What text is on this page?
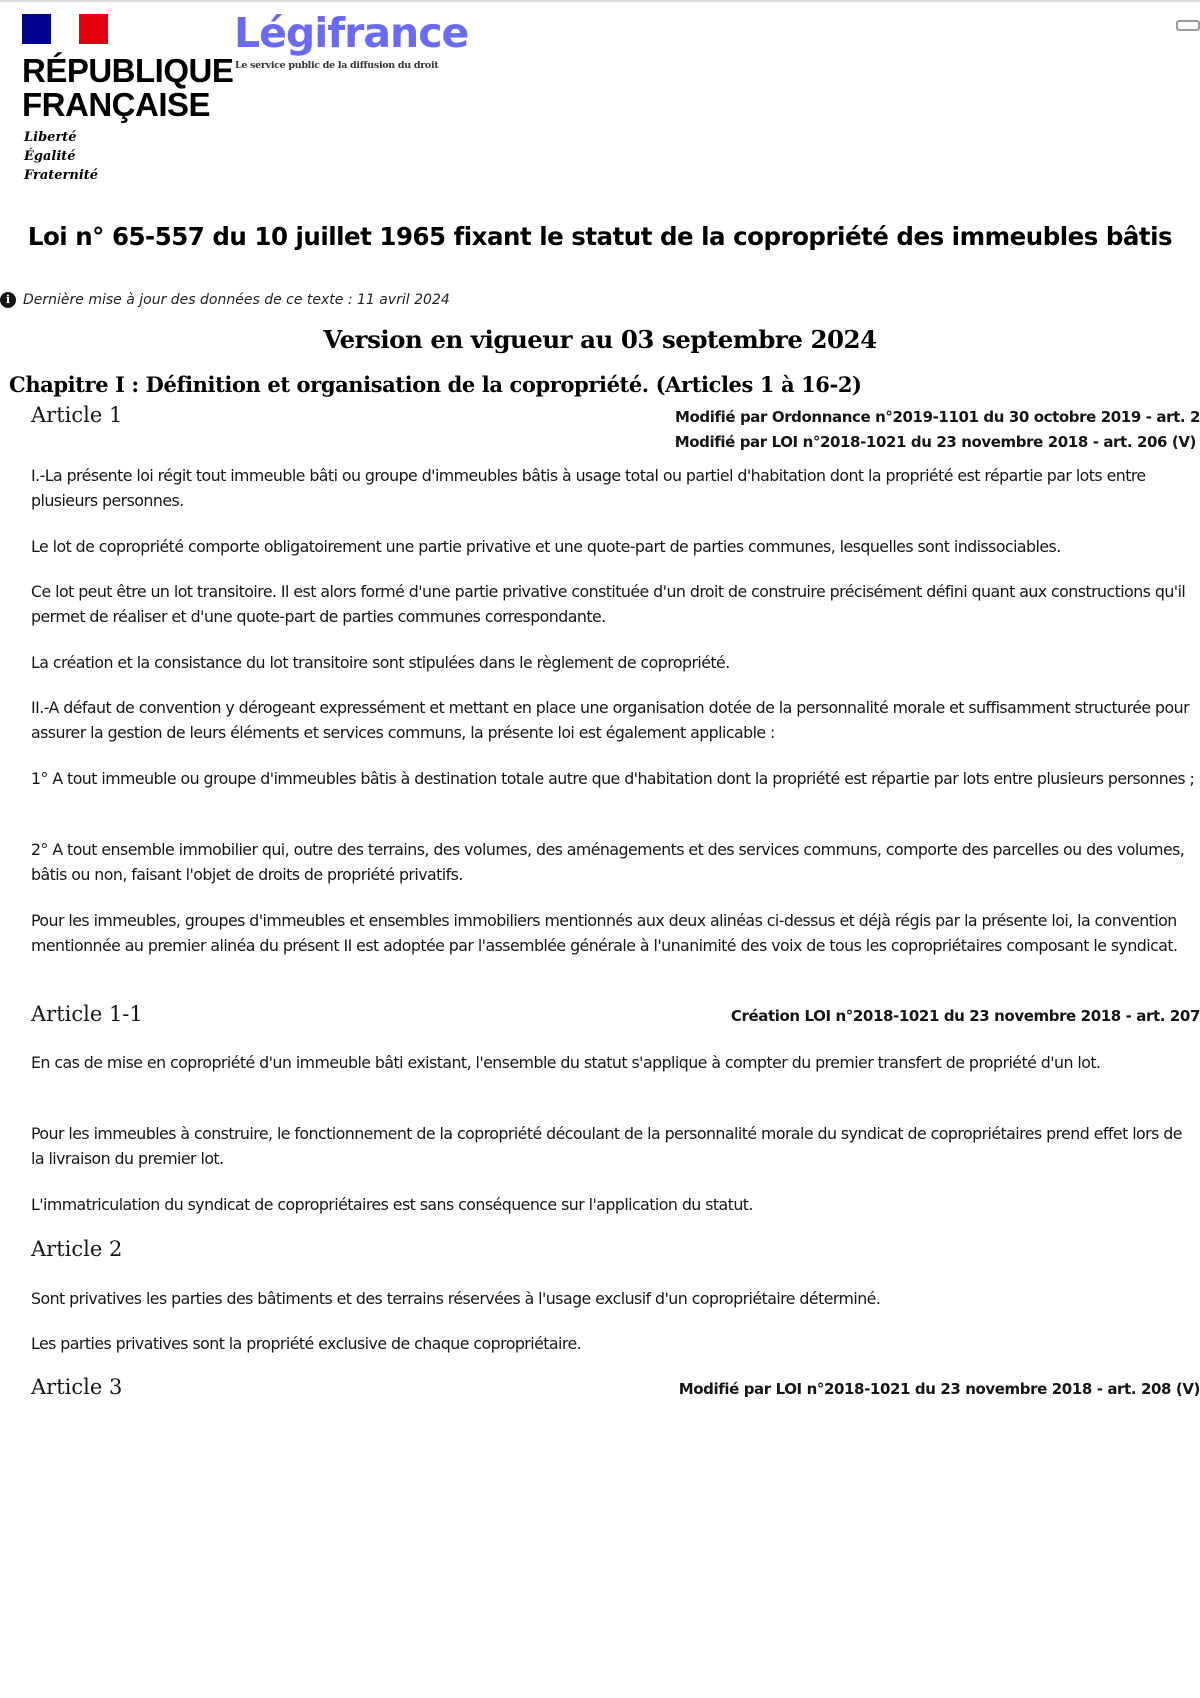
RÉPUBLIQUE
FRANÇAISE
Liberté
Égalité
Fraternité
Légifrance
Le service public de la diffusion du droit
Loi n° 65-557 du 10 juillet 1965 fixant le statut de la copropriété des immeubles bâtis
i Dernière mise à jour des données de ce texte : 11 avril 2024
Version en vigueur au 03 septembre 2024
Chapitre I : Définition et organisation de la copropriété. (Articles 1 à 16-2)
Article 1	Modifié par Ordonnance n°2019-1101 du 30 octobre 2019 - art. 2
Modifié par LOI n°2018-1021 du 23 novembre 2018 - art. 206 (V)

I.-La présente loi régit tout immeuble bâti ou groupe d'immeubles bâtis à usage total ou partiel d'habitation dont la propriété est répartie par lots entre plusieurs personnes.

Le lot de copropriété comporte obligatoirement une partie privative et une quote-part de parties communes, lesquelles sont indissociables.

Ce lot peut être un lot transitoire. Il est alors formé d'une partie privative constituée d'un droit de construire précisément défini quant aux constructions qu'il permet de réaliser et d'une quote-part de parties communes correspondante.

La création et la consistance du lot transitoire sont stipulées dans le règlement de copropriété.

II.-A défaut de convention y dérogeant expressément et mettant en place une organisation dotée de la personnalité morale et suffisamment structurée pour assurer la gestion de leurs éléments et services communs, la présente loi est également applicable :

1° A tout immeuble ou groupe d'immeubles bâtis à destination totale autre que d'habitation dont la propriété est répartie par lots entre plusieurs personnes ;

2° A tout ensemble immobilier qui, outre des terrains, des volumes, des aménagements et des services communs, comporte des parcelles ou des volumes, bâtis ou non, faisant l'objet de droits de propriété privatifs.

Pour les immeubles, groupes d'immeubles et ensembles immobiliers mentionnés aux deux alinéas ci-dessus et déjà régis par la présente loi, la convention mentionnée au premier alinéa du présent II est adoptée par l'assemblée générale à l'unanimité des voix de tous les copropriétaires composant le syndicat.

Article 1-1	Création LOI n°2018-1021 du 23 novembre 2018 - art. 207

En cas de mise en copropriété d'un immeuble bâti existant, l'ensemble du statut s'applique à compter du premier transfert de propriété d'un lot.

Pour les immeubles à construire, le fonctionnement de la copropriété découlant de la personnalité morale du syndicat de copropriétaires prend effet lors de la livraison du premier lot.

L'immatriculation du syndicat de copropriétaires est sans conséquence sur l'application du statut.

Article 2

Sont privatives les parties des bâtiments et des terrains réservées à l'usage exclusif d'un copropriétaire déterminé.

Les parties privatives sont la propriété exclusive de chaque copropriétaire.

Article 3	Modifié par LOI n°2018-1021 du 23 novembre 2018 - art. 208 (V)
